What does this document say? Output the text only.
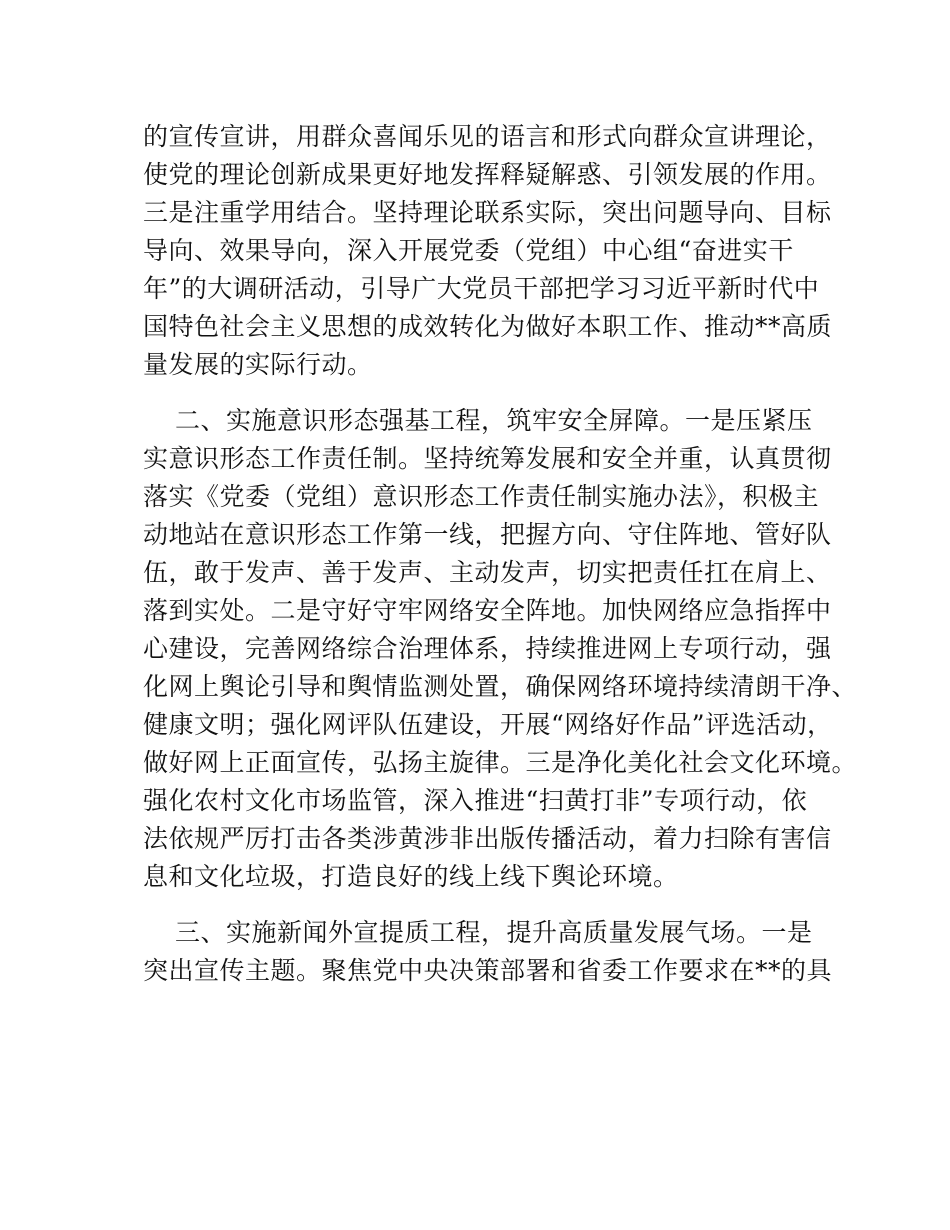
的宣传宣讲，用群众喜闻乐见的语言和形式向群众宣讲理论，
使党的理论创新成果更好地发挥释疑解惑、引领发展的作用。
三是注重学用结合。坚持理论联系实际，突出问题导向、目标
导向、效果导向，深入开展党委（党组）中心组“奋进实干
年”的大调研活动，引导广大党员干部把学习习近平新时代中
国特色社会主义思想的成效转化为做好本职工作、推动**高质
量发展的实际行动。
二、实施意识形态强基工程，筑牢安全屏障。一是压紧压
实意识形态工作责任制。坚持统筹发展和安全并重，认真贯彻
落实《党委（党组）意识形态工作责任制实施办法》，积极主
动地站在意识形态工作第一线，把握方向、守住阵地、管好队
伍，敢于发声、善于发声、主动发声，切实把责任扛在肩上、
落到实处。二是守好守牢网络安全阵地。加快网络应急指挥中
心建设，完善网络综合治理体系，持续推进网上专项行动，强
化网上舆论引导和舆情监测处置，确保网络环境持续清朗干净、
健康文明；强化网评队伍建设，开展“网络好作品”评选活动，
做好网上正面宣传，弘扬主旋律。三是净化美化社会文化环境。
强化农村文化市场监管，深入推进“扫黄打非”专项行动，依
法依规严厉打击各类涉黄涉非出版传播活动，着力扫除有害信
息和文化垃圾，打造良好的线上线下舆论环境。
三、实施新闻外宣提质工程，提升高质量发展气场。一是
突出宣传主题。聚焦党中央决策部署和省委工作要求在**的具
